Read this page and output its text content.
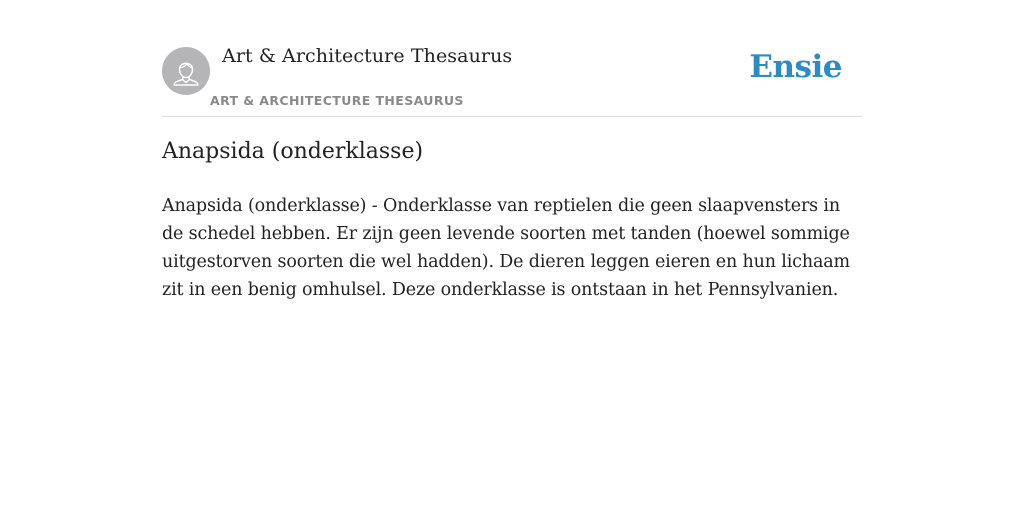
Art & Architecture Thesaurus
ART & ARCHITECTURE THESAURUS
Ensie
Anapsida (onderklasse)

Anapsida (onderklasse) - Onderklasse van reptielen die geen slaapvensters in de schedel hebben. Er zijn geen levende soorten met tanden (hoewel sommige uitgestorven soorten die wel hadden). De dieren leggen eieren en hun lichaam zit in een benig omhulsel. Deze onderklasse is ontstaan in het Pennsylvanien.
